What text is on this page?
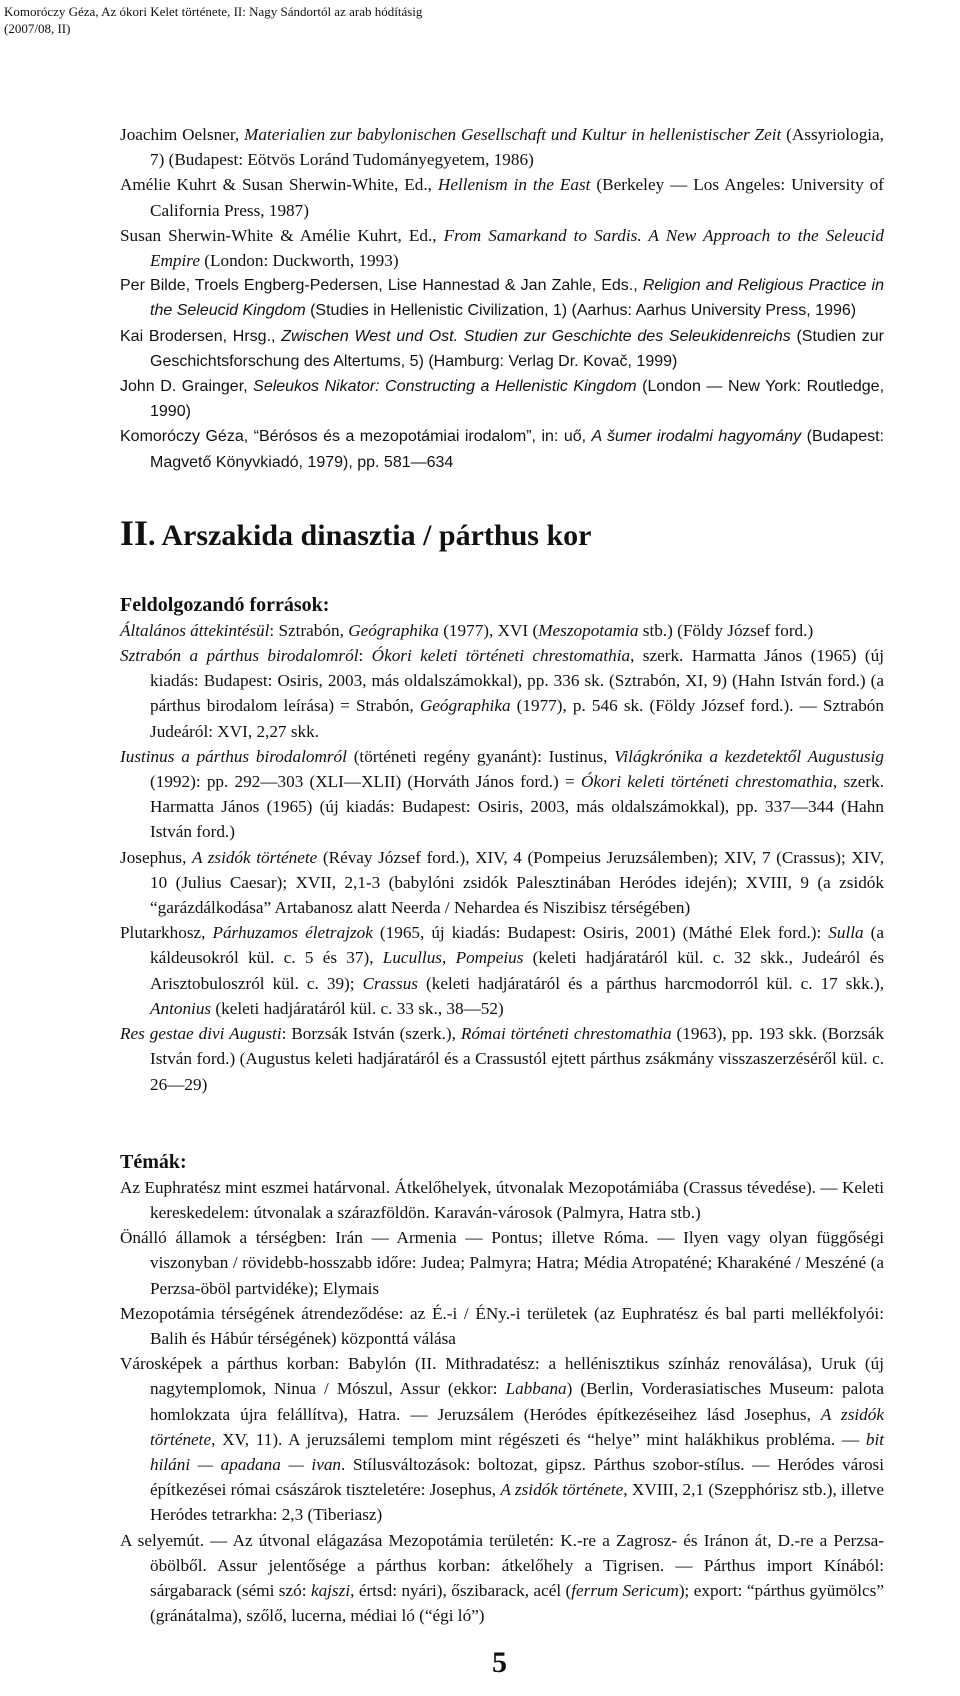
Komoróczy Géza, Az ókori Kelet története, II: Nagy Sándortól az arab hódításig
(2007/08, II)

Joachim Oelsner, Materialien zur babylonischen Gesellschaft und Kultur in hellenistischer Zeit (Assyriologia, 7) (Budapest: Eötvös Loránd Tudományegyetem, 1986)

Amélie Kuhrt & Susan Sherwin-White, Ed., Hellenism in the East (Berkeley — Los Angeles: University of California Press, 1987)

Susan Sherwin-White & Amélie Kuhrt, Ed., From Samarkand to Sardis. A New Approach to the Seleucid Empire (London: Duckworth, 1993)

Per Bilde, Troels Engberg-Pedersen, Lise Hannestad & Jan Zahle, Eds., Religion and Religious Practice in the Seleucid Kingdom (Studies in Hellenistic Civilization, 1) (Aarhus: Aarhus University Press, 1996)

Kai Brodersen, Hrsg., Zwischen West und Ost. Studien zur Geschichte des Seleukidenreichs (Studien zur Geschichtsforschung des Altertums, 5) (Hamburg: Verlag Dr. Kovač, 1999)

John D. Grainger, Seleukos Nikator: Constructing a Hellenistic Kingdom (London — New York: Routledge, 1990)

Komoróczy Géza, “Bérósos és a mezopotámiai irodalom”, in: uő, A šumer irodalmi hagyomány (Budapest: Magvető Könyvkiadó, 1979), pp. 581—634

II. Arszakida dinasztia / párthus kor
Feldolgozandó források:

Általános áttekintésül: Sztrabón, Geógraphika (1977), XVI (Meszopotamia stb.) (Földy József ford.)

Sztrabón a párthus birodalomról: Ókori keleti történeti chrestomathia, szerk. Harmatta János (1965) (új kiadás: Budapest: Osiris, 2003, más oldalszámokkal), pp. 336 sk. (Sztrabón, XI, 9) (Hahn István ford.) (a párthus birodalom leírása) = Strabón, Geógraphika (1977), p. 546 sk. (Földy József ford.). — Sztrabón Judeáról: XVI, 2,27 skk.

Iustinus a párthus birodalomról (történeti regény gyanánt): Iustinus, Világkrónika a kezdetektől Augustusig (1992): pp. 292—303 (XLI—XLII) (Horváth János ford.) = Ókori keleti történeti chrestomathia, szerk. Harmatta János (1965) (új kiadás: Budapest: Osiris, 2003, más oldalszámokkal), pp. 337—344 (Hahn István ford.)

Josephus, A zsidók története (Révay József ford.), XIV, 4 (Pompeius Jeruzsálemben); XIV, 7 (Crassus); XIV, 10 (Julius Caesar); XVII, 2,1-3 (babylóni zsidók Palesztinában Heródes idején); XVIII, 9 (a zsidók “garázdálkodása” Artabanosz alatt Neerda / Nehardea és Niszibisz térségében)

Plutarkhosz, Párhuzamos életrajzok (1965, új kiadás: Budapest: Osiris, 2001) (Máthé Elek ford.): Sulla (a káldeusokról kül. c. 5 és 37), Lucullus, Pompeius (keleti hadjáratáról kül. c. 32 skk., Judeáról és Arisztobuloszról kül. c. 39); Crassus (keleti hadjáratáról és a párthus harcmodorról kül. c. 17 skk.), Antonius (keleti hadjáratáról kül. c. 33 sk., 38—52)

Res gestae divi Augusti: Borzsák István (szerk.), Római történeti chrestomathia (1963), pp. 193 skk. (Borzsák István ford.) (Augustus keleti hadjáratáról és a Crassustól ejtett párthus zsákmány visszaszerzéséről kül. c. 26—29)

Témák:

Az Euphratész mint eszmei határvonal. Átkelőhelyek, útvonalak Mezopotámiába (Crassus tévedése). — Keleti kereskedelem: útvonalak a szárazföldön. Karaván-városok (Palmyra, Hatra stb.)

Önálló államok a térségben: Irán — Armenia — Pontus; illetve Róma. — Ilyen vagy olyan függőségi viszonyban / rövidebb-hosszabb időre: Judea; Palmyra; Hatra; Média Atropaténé; Kharakéné / Meszéné (a Perzsa-öböl partvidéke); Elymais

Mezopotámia térségének átrendeződése: az É.-i / ÉNy.-i területek (az Euphratész és bal parti mellékfolyói: Balih és Hábúr térségének) központtá válása

Városképek a párthus korban: Babylón (II. Mithradatész: a hellénisztikus színház renoválása), Uruk (új nagytemplomok, Ninua / Mószul, Assur (ekkor: Labbana) (Berlin, Vorderasiatisches Museum: palota homlokzata újra felállítva), Hatra. — Jeruzsálem (Heródes építkezéseihez lásd Josephus, A zsidók története, XV, 11). A jeruzsálemi templom mint régészeti és “helye” mint halákhikus probléma. — bit hiláni — apadana — ivan. Stílusváltozások: boltozat, gipsz. Párthus szobor-stílus. — Heródes városi építkezései római császárok tiszteletére: Josephus, A zsidók története, XVIII, 2,1 (Szepphórisz stb.), illetve Heródes tetrarkha: 2,3 (Tiberiasz)

A selyemút. — Az útvonal elágazása Mezopotámia területén: K.-re a Zagrosz- és Iránon át, D.-re a Perzsa-öbölből. Assur jelentősége a párthus korban: átkelőhely a Tigrisen. — Párthus import Kínából: sárgabarack (sémi szó: kajszi, értsd: nyári), őszibarack, acél (ferrum Sericum); export: “párthus gyümölcs” (gránátalma), szőlő, lucerna, médiai ló (“égi ló”)

5
